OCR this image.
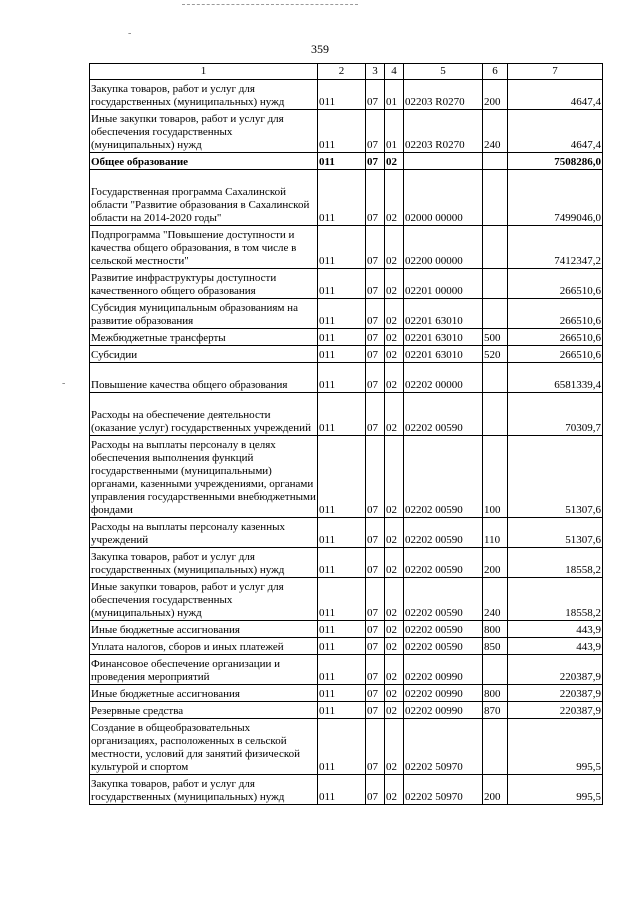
359
-
-
1	2	3	4	5	6	7
Закупка товаров, работ и услуг для государственных (муниципальных) нужд	011	07	01	02203 R0270	200	4647,4
Иные закупки товаров, работ и услуг для обеспечения государственных (муниципальных) нужд	011	07	01	02203 R0270	240	4647,4
Общее образование	011	07	02			7508286,0
Государственная программа Сахалинской области "Развитие образования в Сахалинской области на 2014-2020 годы"	011	07	02	02000 00000		7499046,0
Подпрограмма "Повышение доступности и качества общего образования, в том числе в сельской местности"	011	07	02	02200 00000		7412347,2
Развитие инфраструктуры доступности качественного общего образования	011	07	02	02201 00000		266510,6
Субсидия муниципальным образованиям на развитие образования	011	07	02	02201 63010		266510,6
Межбюджетные трансферты	011	07	02	02201 63010	500	266510,6
Субсидии	011	07	02	02201 63010	520	266510,6
Повышение качества общего образования	011	07	02	02202 00000		6581339,4
Расходы на обеспечение деятельности (оказание услуг) государственных учреждений	011	07	02	02202 00590		70309,7
Расходы на выплаты персоналу в целях обеспечения выполнения функций государственными (муниципальными) органами, казенными учреждениями, органами управления государственными внебюджетными фондами	011	07	02	02202 00590	100	51307,6
Расходы на выплаты персоналу казенных учреждений	011	07	02	02202 00590	110	51307,6
Закупка товаров, работ и услуг для государственных (муниципальных) нужд	011	07	02	02202 00590	200	18558,2
Иные закупки товаров, работ и услуг для обеспечения государственных (муниципальных) нужд	011	07	02	02202 00590	240	18558,2
Иные бюджетные ассигнования	011	07	02	02202 00590	800	443,9
Уплата налогов, сборов и иных платежей	011	07	02	02202 00590	850	443,9
Финансовое обеспечение организации и проведения мероприятий	011	07	02	02202 00990		220387,9
Иные бюджетные ассигнования	011	07	02	02202 00990	800	220387,9
Резервные средства	011	07	02	02202 00990	870	220387,9
Создание в общеобразовательных организациях, расположенных в сельской местности, условий для занятий физической культурой и спортом	011	07	02	02202 50970		995,5
Закупка товаров, работ и услуг для государственных (муниципальных) нужд	011	07	02	02202 50970	200	995,5
